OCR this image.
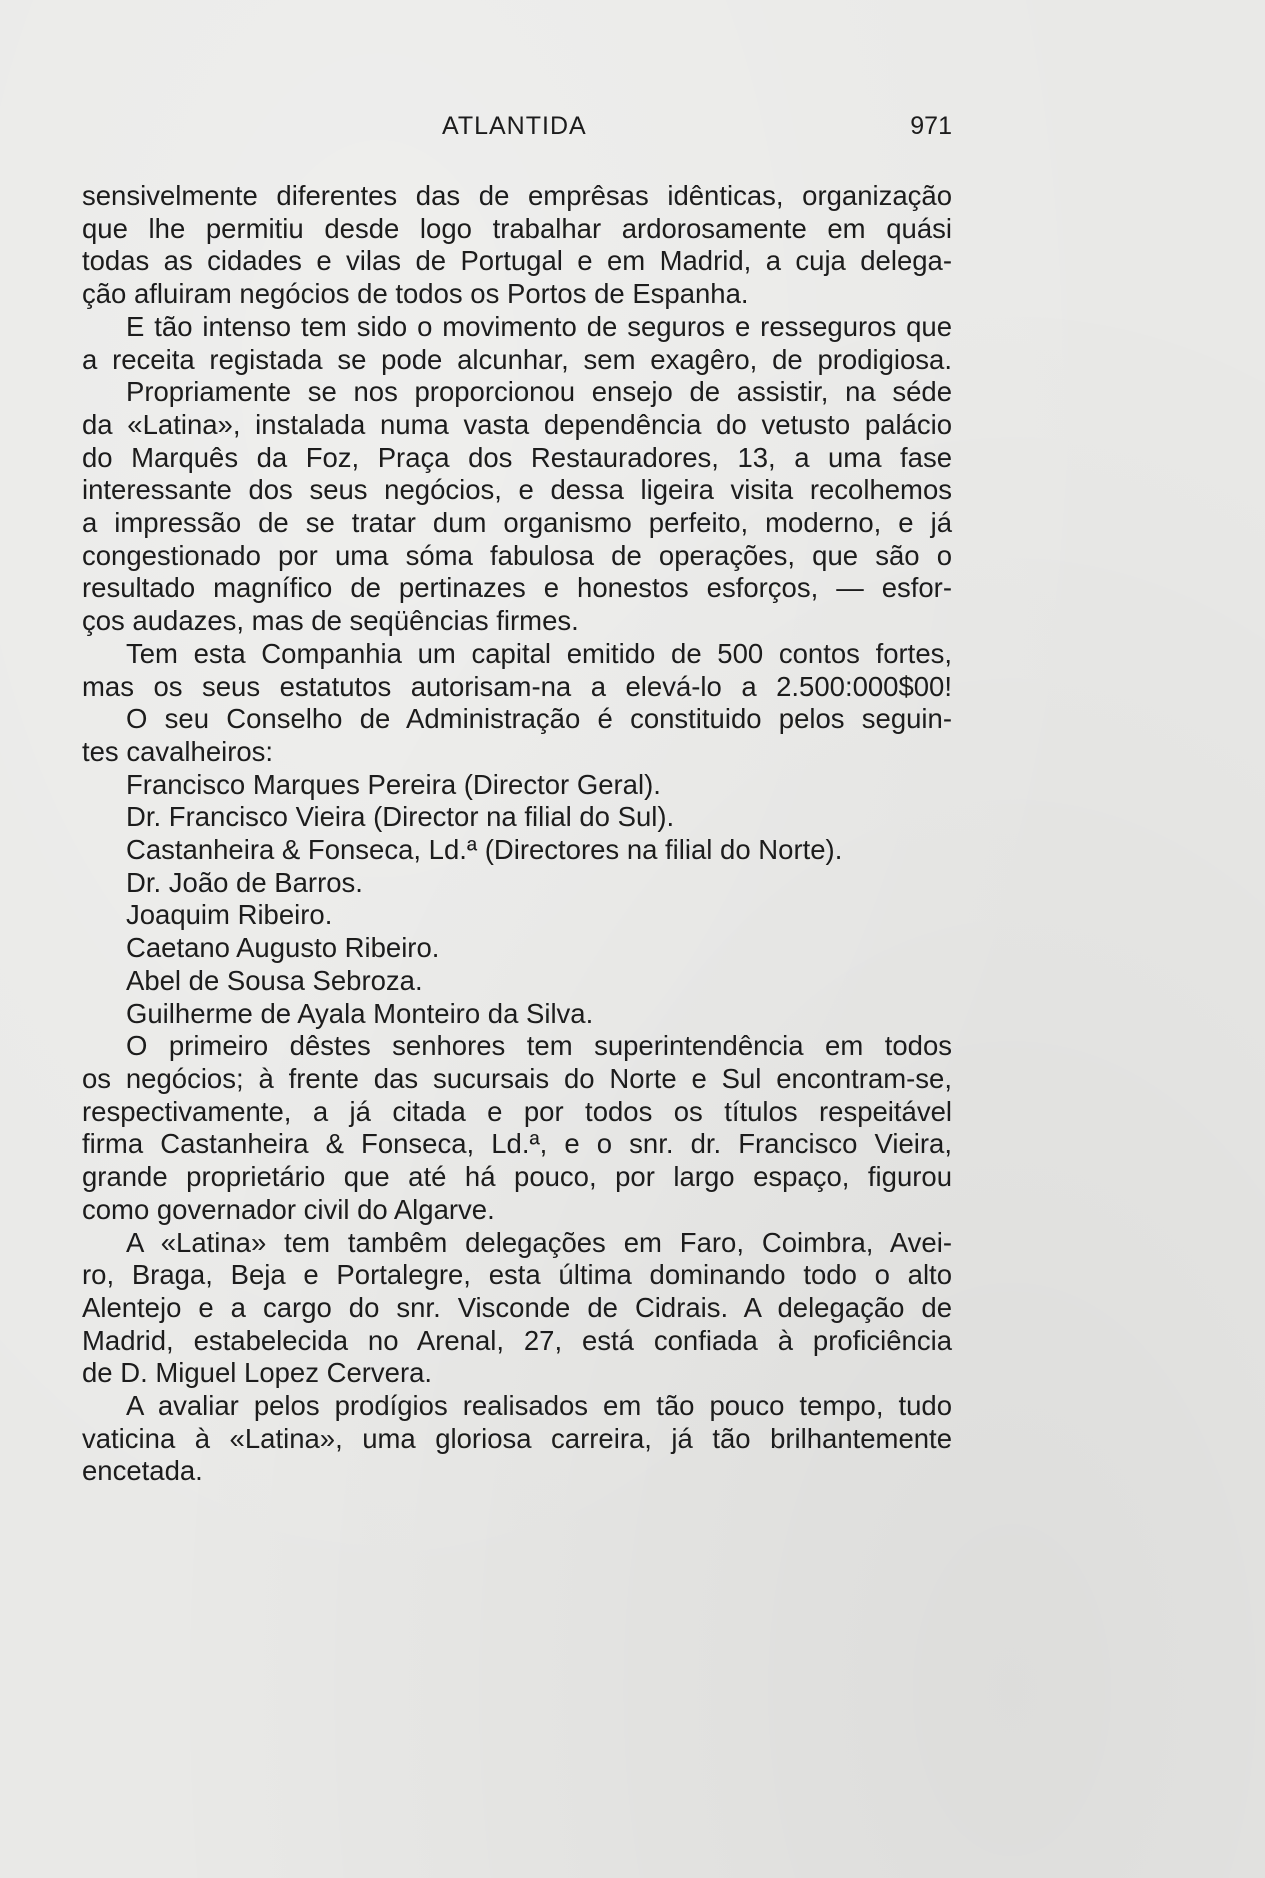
ATLANTIDA	971

sensivelmente diferentes das de emprêsas idênticas, organização

que lhe permitiu desde logo trabalhar ardorosamente em quási

todas as cidades e vilas de Portugal e em Madrid, a cuja delega-

ção afluiram negócios de todos os Portos de Espanha.

E tão intenso tem sido o movimento de seguros e resseguros que

a receita registada se pode alcunhar, sem exagêro, de prodigiosa.

Propriamente se nos proporcionou ensejo de assistir, na séde

da «Latina», instalada numa vasta dependência do vetusto palácio

do Marquês da Foz, Praça dos Restauradores, 13, a uma fase

interessante dos seus negócios, e dessa ligeira visita recolhemos

a impressão de se tratar dum organismo perfeito, moderno, e já

congestionado por uma sóma fabulosa de operações, que são o

resultado magnífico de pertinazes e honestos esforços, — esfor-

ços audazes, mas de seqüências firmes.

Tem esta Companhia um capital emitido de 500 contos fortes,

mas os seus estatutos autorisam-na a elevá-lo a 2.500:000$00!

O seu Conselho de Administração é constituido pelos seguin-

tes cavalheiros:

Francisco Marques Pereira (Director Geral).

Dr. Francisco Vieira (Director na filial do Sul).

Castanheira & Fonseca, Ld.ª (Directores na filial do Norte).

Dr. João de Barros.

Joaquim Ribeiro.

Caetano Augusto Ribeiro.

Abel de Sousa Sebroza.

Guilherme de Ayala Monteiro da Silva.

O primeiro dêstes senhores tem superintendência em todos

os negócios; à frente das sucursais do Norte e Sul encontram-se,

respectivamente, a já citada e por todos os títulos respeitável

firma Castanheira & Fonseca, Ld.ª, e o snr. dr. Francisco Vieira,

grande proprietário que até há pouco, por largo espaço, figurou

como governador civil do Algarve.

A «Latina» tem tambêm delegações em Faro, Coimbra, Avei-

ro, Braga, Beja e Portalegre, esta última dominando todo o alto

Alentejo e a cargo do snr. Visconde de Cidrais. A delegação de

Madrid, estabelecida no Arenal, 27, está confiada à proficiência

de D. Miguel Lopez Cervera.

A avaliar pelos prodígios realisados em tão pouco tempo, tudo

vaticina à «Latina», uma gloriosa carreira, já tão brilhantemente

encetada.
